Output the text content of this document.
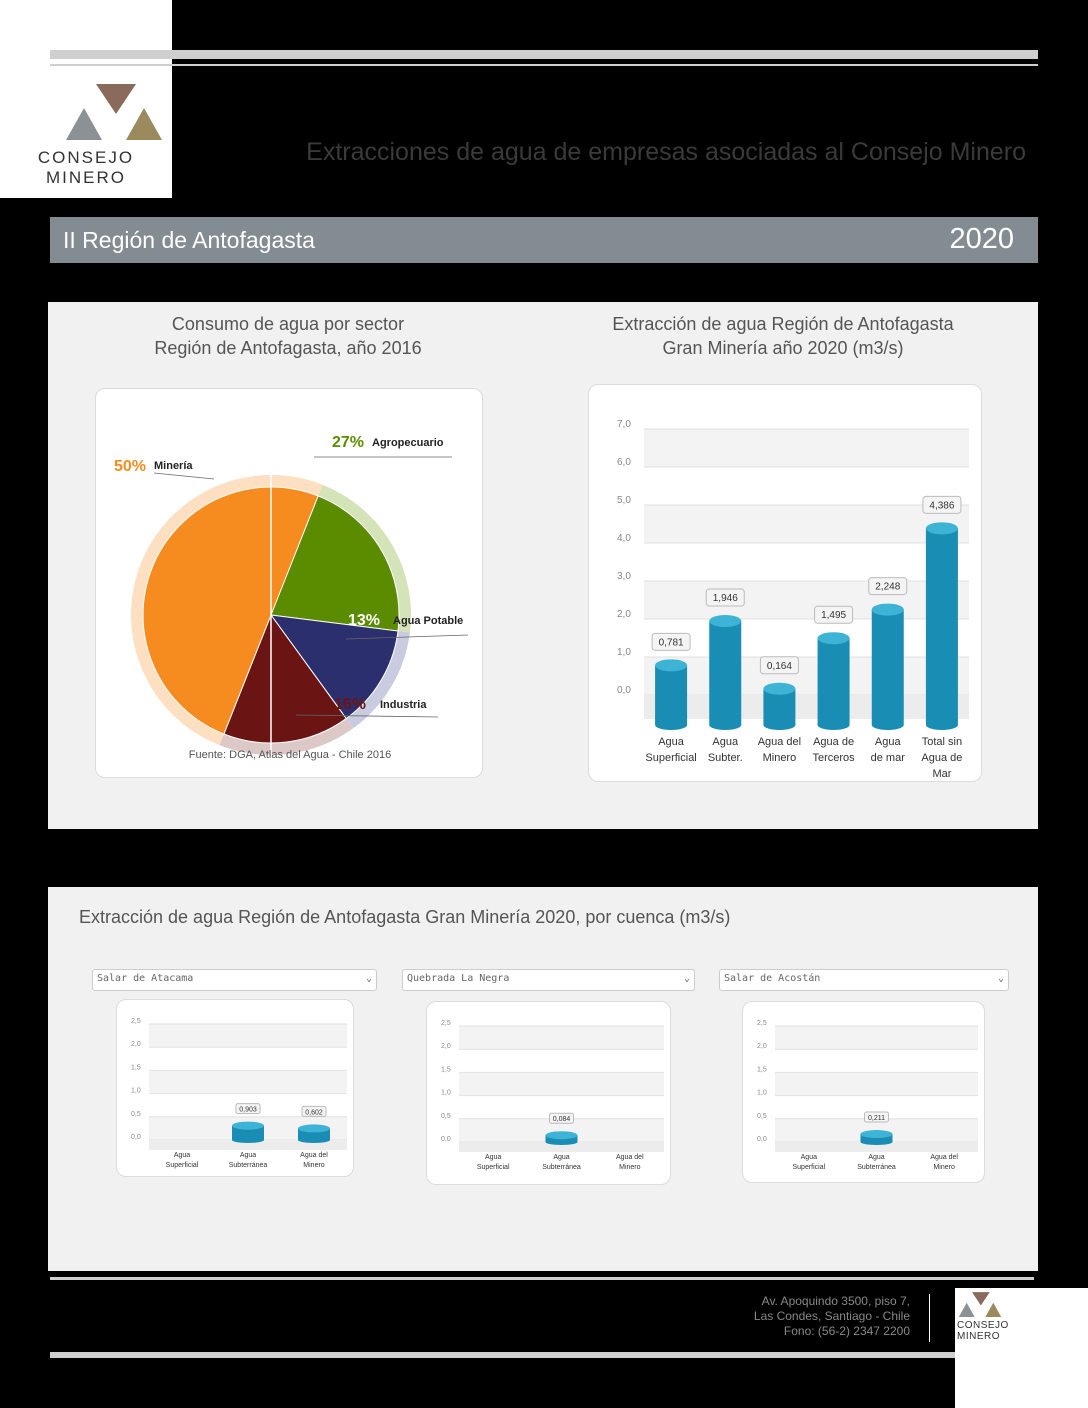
CONSEJO
MINERO
Extracciones de agua de empresas asociadas al Consejo Minero
II Región de Antofagasta	2020
Consumo de agua por sector
Región de Antofagasta, año 2016
27% Agropecuario
13% Agua Potable
16% Industria
50% Minería
Fuente: DGA, Atlas del Agua - Chile 2016
Extracción de agua Región de Antofagasta
Gran Minería año 2020 (m3/s)
0,0
1,0
2,0
3,0
4,0
5,0
6,0
7,0
0,781
Agua
Superficial
1,946
Agua
Subter.
0,164
Agua del
Minero
1,495
Agua de
Terceros
2,248
Agua
de mar
4,386
Total sin
Agua de
Mar
Extracción de agua Región de Antofagasta Gran Minería 2020, por cuenca (m3/s)
Salar de Atacama	⌄	Quebrada La Negra	⌄	Salar de Acostán	⌄
0,0
0,5
1,0
1,5
2,0
2,5
Agua
Superficial
0,903
Agua
Subterránea
0,602
Agua del
Minero
0,0
0,5
1,0
1,5
2,0
2,5
Agua
Superficial
0,084
Agua
Subterránea
Agua del
Minero
0,0
0,5
1,0
1,5
2,0
2,5
Agua
Superficial
0,211
Agua
Subterránea
Agua del
Minero
Av. Apoquindo 3500, piso 7,
Las Condes, Santiago - Chile
Fono: (56-2) 2347 2200	CONSEJO
MINERO
